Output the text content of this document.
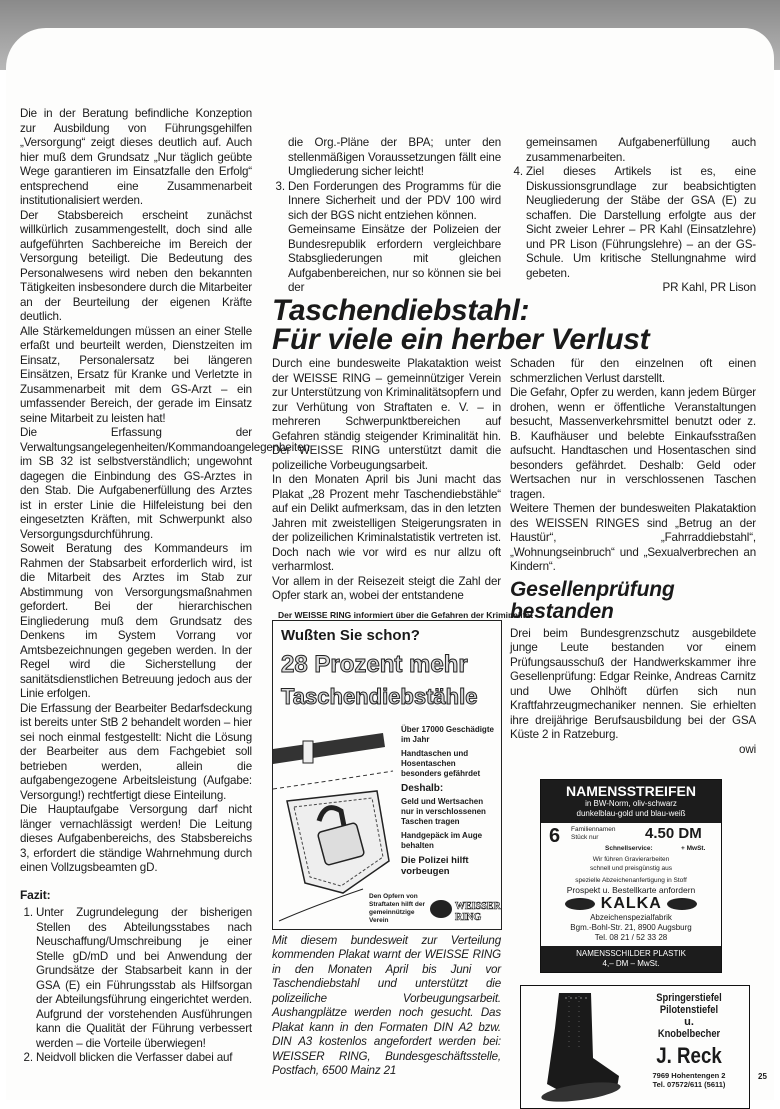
Die in der Beratung befindliche Konzeption zur Ausbildung von Führungsgehilfen „Versorgung“ zeigt dieses deutlich auf. Auch hier muß dem Grundsatz „Nur täglich geübte Wege garantieren im Einsatzfalle den Erfolg“ entsprechend eine Zusammenarbeit institutionalisiert werden.

Der Stabsbereich erscheint zunächst willkürlich zusammengestellt, doch sind alle aufgeführten Sachbereiche im Bereich der Versorgung beteiligt. Die Bedeutung des Personalwesens wird neben den bekannten Tätigkeiten insbesondere durch die Mitarbeiter an der Beurteilung der eigenen Kräfte deutlich.

Alle Stärkemeldungen müssen an einer Stelle erfaßt und beurteilt werden, Dienstzeiten im Einsatz, Personalersatz bei längeren Einsätzen, Ersatz für Kranke und Verletzte in Zusammenarbeit mit dem GS-Arzt – ein umfassender Bereich, der gerade im Einsatz seine Mitarbeit zu leisten hat!

Die Erfassung der Verwaltungsangelegenheiten/Kommandoangelegenheiten im SB 32 ist selbstverständlich; ungewohnt dagegen die Einbindung des GS-Arztes in den Stab. Die Aufgabenerfüllung des Arztes ist in erster Linie die Hilfeleistung bei den eingesetzten Kräften, mit Schwerpunkt also Versorgungsdurchführung.

Soweit Beratung des Kommandeurs im Rahmen der Stabsarbeit erforderlich wird, ist die Mitarbeit des Arztes im Stab zur Abstimmung von Versorgungsmaßnahmen gefordert. Bei der hierarchischen Eingliederung muß dem Grundsatz des Denkens im System Vorrang vor Amtsbezeichnungen gegeben werden. In der Regel wird die Sicherstellung der sanitätsdienstlichen Betreuung jedoch aus der Linie erfolgen.

Die Erfassung der Bearbeiter Bedarfsdeckung ist bereits unter StB 2 behandelt worden – hier sei noch einmal festgestellt: Nicht die Lösung der Bearbeiter aus dem Fachgebiet soll betrieben werden, allein die aufgabengezogene Arbeitsleistung (Aufgabe: Versorgung!) rechtfertigt diese Einteilung.

Die Hauptaufgabe Versorgung darf nicht länger vernachlässigt werden! Die Leitung dieses Aufgabenbereichs, des Stabsbereichs 3, erfordert die ständige Wahrnehmung durch einen Vollzugsbeamten gD.

Fazit:

1. Unter Zugrundelegung der bisherigen Stellen des Abteilungsstabes nach Neuschaffung/Umschreibung je einer Stelle gD/mD und bei Anwendung der Grundsätze der Stabsarbeit kann in der GSA (E) ein Führungsstab als Hilfsorgan der Abteilungsführung eingerichtet werden. Aufgrund der vorstehenden Ausführungen kann die Qualität der Führung verbessert werden – die Vorteile überwiegen!
2. Neidvoll blicken die Verfasser dabei auf

die Org.-Pläne der BPA; unter den stellenmäßigen Voraussetzungen fällt eine Umgliederung sicher leicht!

3. Den Forderungen des Programms für die Innere Sicherheit und der PDV 100 wird sich der BGS nicht entziehen können.
Gemeinsame Einsätze der Polizeien der Bundesrepublik erfordern vergleichbare Stabsgliederungen mit gleichen Aufgabenbereichen, nur so können sie bei der

gemeinsamen Aufgabenerfüllung auch zusammenarbeiten.

4. Ziel dieses Artikels ist es, eine Diskussionsgrundlage zur beabsichtigten Neugliederung der Stäbe der GSA (E) zu schaffen. Die Darstellung erfolgte aus der Sicht zweier Lehrer – PR Kahl (Einsatzlehre) und PR Lison (Führungslehre) – an der GS-Schule. Um kritische Stellungnahme wird gebeten.

PR Kahl, PR Lison

Taschendiebstahl:
Für viele ein herber Verlust

Durch eine bundesweite Plakataktion weist der WEISSE RING – gemeinnütziger Verein zur Unterstützung von Kriminalitätsopfern und zur Verhütung von Straftaten e. V. – in mehreren Schwerpunktbereichen auf Gefahren ständig steigender Kriminalität hin. Der WEISSE RING unterstützt damit die polizeiliche Vorbeugungsarbeit.

In den Monaten April bis Juni macht das Plakat „28 Prozent mehr Taschendiebstähle“ auf ein Delikt aufmerksam, das in den letzten Jahren mit zweistelligen Steigerungsraten in der polizeilichen Kriminalstatistik vertreten ist. Doch nach wie vor wird es nur allzu oft verharmlost.

Vor allem in der Reisezeit steigt die Zahl der Opfer stark an, wobei der entstandene

Der WEISSE RING informiert über die Gefahren der Kriminalität
Wußten Sie schon?
28 Prozent mehr
Taschendiebstähle
Über 17000 Geschädigte im Jahr
Handtaschen und Hosentaschen besonders gefährdet
Deshalb:
Geld und Wertsachen nur in verschlossenen Taschen tragen
Handgepäck im Auge behalten
Die Polizei hilft vorbeugen
Den Opfern von Straftaten hilft der gemeinnützige Verein
WEISSER RING

Mit diesem bundesweit zur Verteilung kommenden Plakat warnt der WEISSE RING in den Monaten April bis Juni vor Taschendiebstahl und unterstützt die polizeiliche Vorbeugungsarbeit. Aushangplätze werden noch gesucht. Das Plakat kann in den Formaten DIN A2 bzw. DIN A3 kostenlos angefordert werden bei: WEISSER RING, Bundesgeschäftsstelle, Postfach, 6500 Mainz 21

Schaden für den einzelnen oft einen schmerzlichen Verlust darstellt.

Die Gefahr, Opfer zu werden, kann jedem Bürger drohen, wenn er öffentliche Veranstaltungen besucht, Massenverkehrsmittel benutzt oder z. B. Kaufhäuser und belebte Einkaufsstraßen aufsucht. Handtaschen und Hosentaschen sind besonders gefährdet. Deshalb: Geld oder Wertsachen nur in verschlossenen Taschen tragen.

Weitere Themen der bundesweiten Plakataktion des WEISSEN RINGES sind „Betrug an der Haustür“, „Fahrraddiebstahl“, „Wohnungseinbruch“ und „Sexualverbrechen an Kindern“.

Gesellenprüfung bestanden

Drei beim Bundesgrenzschutz ausgebildete junge Leute bestanden vor einem Prüfungsausschuß der Handwerkskammer ihre Gesellenprüfung: Edgar Reinke, Andreas Carnitz und Uwe Ohlhöft dürfen sich nun Kraftfahrzeugmechaniker nennen. Sie erhielten ihre dreijährige Berufsausbildung bei der GSA Küste 2 in Ratzeburg.

owi

NAMENSSTREIFEN
in BW-Norm, oliv-schwarz
dunkelblau-gold und blau-weiß
6 Familiennamen
Stück nur	4.50 DM
Schnellservice:	+ MwSt.
Wir führen Gravierarbeiten
schnell und preisgünstig aus
spezielle Abzeichenanfertigung in Stoff
Prospekt u. Bestellkarte anfordern
KALKA
Abzeichenspezialfabrik
Bgm.-Bohl-Str. 21, 8900 Augsburg
Tel. 08 21 / 52 33 28
NAMENSSCHILDER PLASTIK
4,– DM – MwSt.
Springerstiefel
Pilotenstiefel
u.
Knobelbecher
J. Reck
7969 Hohentengen 2
Tel. 07572/611 (5611)
25
